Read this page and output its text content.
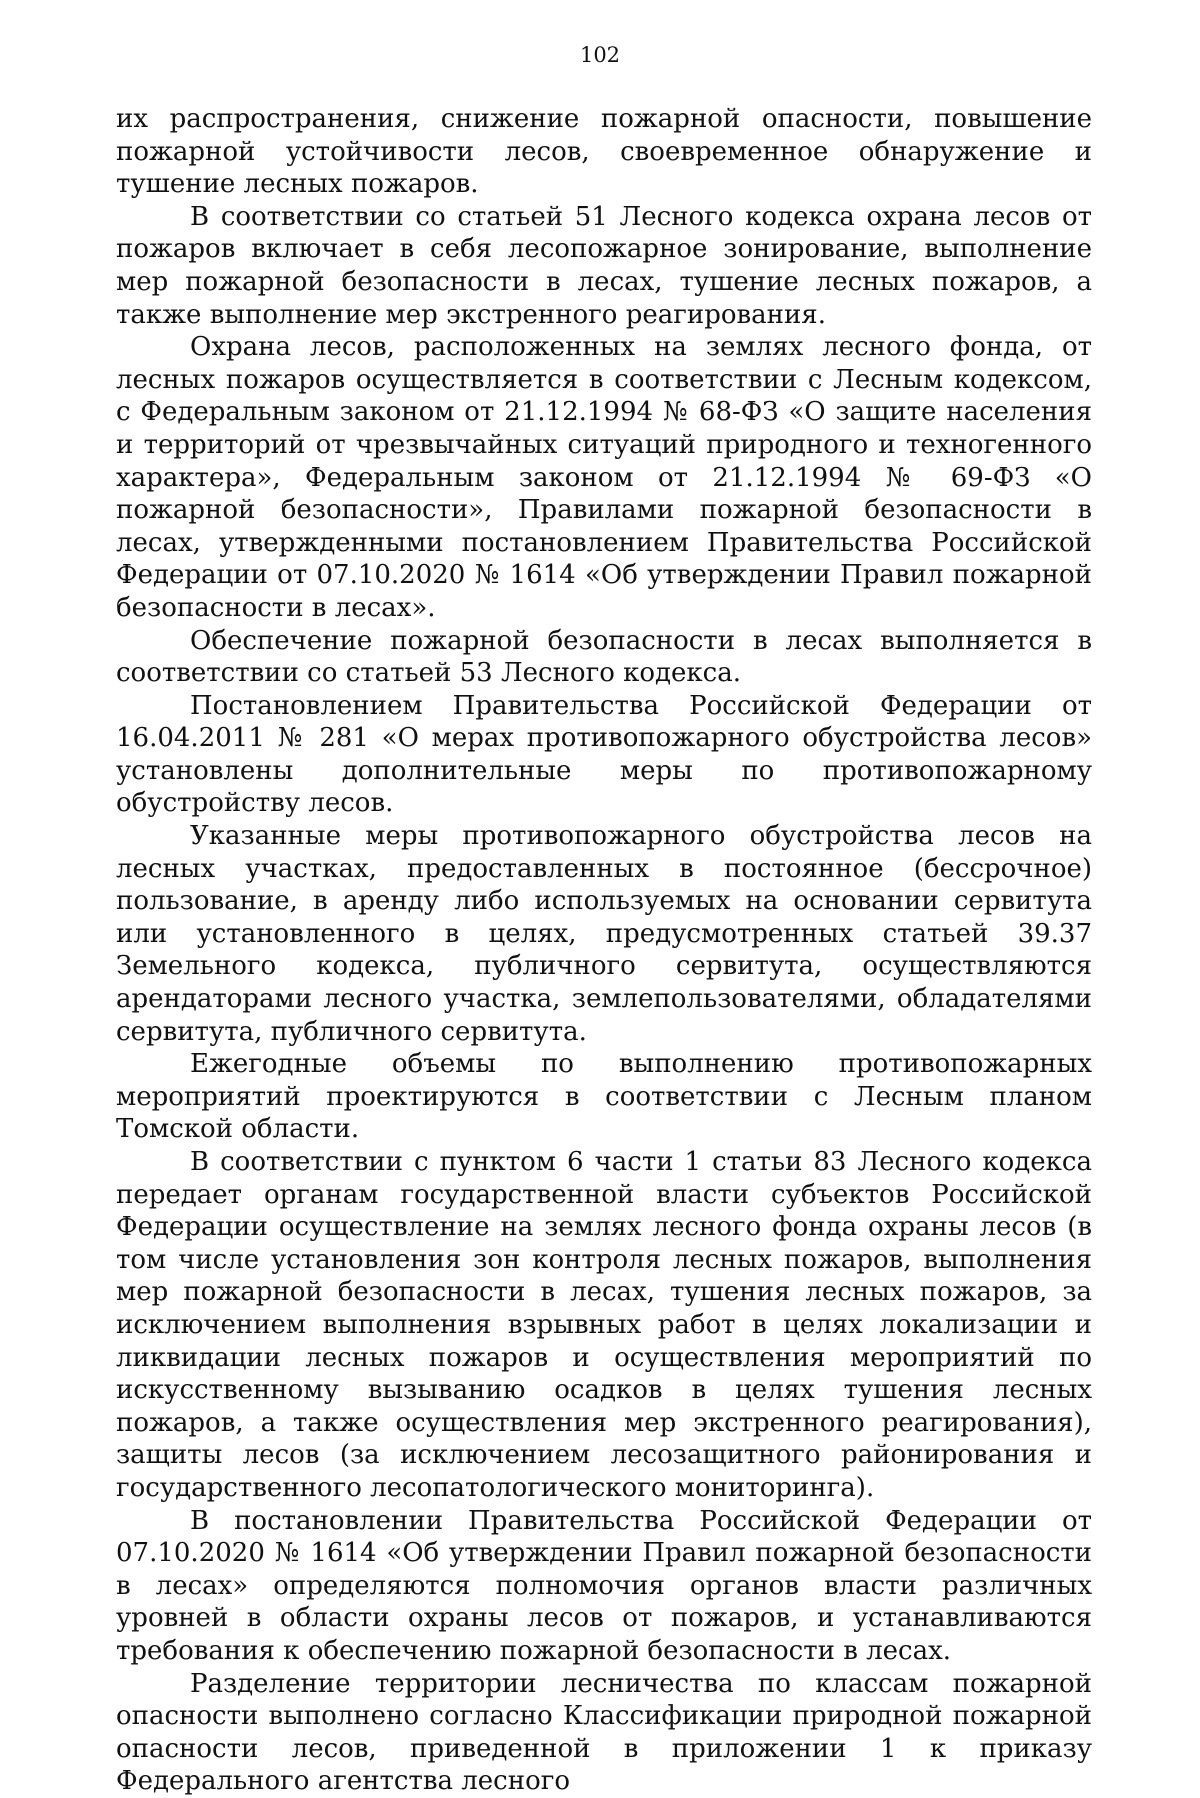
102

их распространения, снижение пожарной опасности, повышение пожарной устойчивости лесов, своевременное обнаружение и тушение лесных пожаров.

В соответствии со статьей 51 Лесного кодекса охрана лесов от пожаров включает в себя лесопожарное зонирование, выполнение мер пожарной безопасности в лесах, тушение лесных пожаров, а также выполнение мер экстренного реагирования.

Охрана лесов, расположенных на землях лесного фонда, от лесных пожаров осуществляется в соответствии с Лесным кодексом, с Федеральным законом от 21.12.1994 № 68-ФЗ «О защите населения и территорий от чрезвычайных ситуаций природного и техногенного характера», Федеральным законом от 21.12.1994 № 69-ФЗ «О пожарной безопасности», Правилами пожарной безопасности в лесах, утвержденными постановлением Правительства Российской Федерации от 07.10.2020 № 1614 «Об утверждении Правил пожарной безопасности в лесах».

Обеспечение пожарной безопасности в лесах выполняется в соответствии со статьей 53 Лесного кодекса.

Постановлением Правительства Российской Федерации от 16.04.2011 № 281 «О мерах противопожарного обустройства лесов» установлены дополнительные меры по противопожарному обустройству лесов.

Указанные меры противопожарного обустройства лесов на лесных участках, предоставленных в постоянное (бессрочное) пользование, в аренду либо используемых на основании сервитута или установленного в целях, предусмотренных статьей 39.37 Земельного кодекса, публичного сервитута, осуществляются арендаторами лесного участка, землепользователями, обладателями сервитута, публичного сервитута.

Ежегодные объемы по выполнению противопожарных мероприятий проектируются в соответствии с Лесным планом Томской области.

В соответствии с пунктом 6 части 1 статьи 83 Лесного кодекса передает органам государственной власти субъектов Российской Федерации осуществление на землях лесного фонда охраны лесов (в том числе установления зон контроля лесных пожаров, выполнения мер пожарной безопасности в лесах, тушения лесных пожаров, за исключением выполнения взрывных работ в целях локализации и ликвидации лесных пожаров и осуществления мероприятий по искусственному вызыванию осадков в целях тушения лесных пожаров, а также осуществления мер экстренного реагирования), защиты лесов (за исключением лесозащитного районирования и государственного лесопатологического мониторинга).

В постановлении Правительства Российской Федерации от 07.10.2020 № 1614 «Об утверждении Правил пожарной безопасности в лесах» определяются полномочия органов власти различных уровней в области охраны лесов от пожаров, и устанавливаются требования к обеспечению пожарной безопасности в лесах.

Разделение территории лесничества по классам пожарной опасности выполнено согласно Классификации природной пожарной опасности лесов, приведенной в приложении 1 к приказу Федерального агентства лесного
